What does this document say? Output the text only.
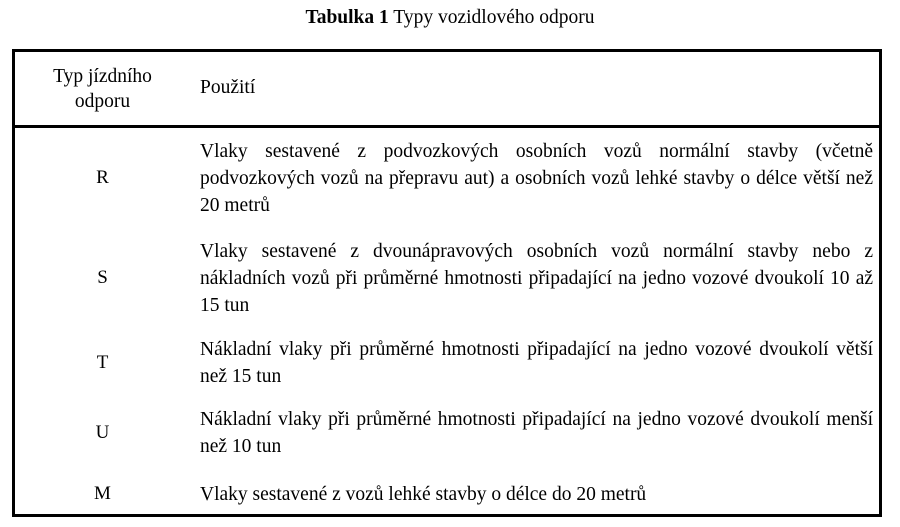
Tabulka 1 Typy vozidlového odporu
Typ jízdního
odporu	Použití

R	Vlaky sestavené z podvozkových osobních vozů normální stavby (včetně podvozkových vozů na přepravu aut) a osobních vozů lehké stavby o délce větší než 20 metrů

S	Vlaky sestavené z dvounápravových osobních vozů normální stavby nebo z nákladních vozů při průměrné hmotnosti připadající na jedno vozové dvoukolí 10 až 15 tun

T	Nákladní vlaky při průměrné hmotnosti připadající na jedno vozové dvoukolí větší než 15 tun

U	Nákladní vlaky při průměrné hmotnosti připadající na jedno vozové dvoukolí menší než 10 tun

M	Vlaky sestavené z vozů lehké stavby o délce do 20 metrů
